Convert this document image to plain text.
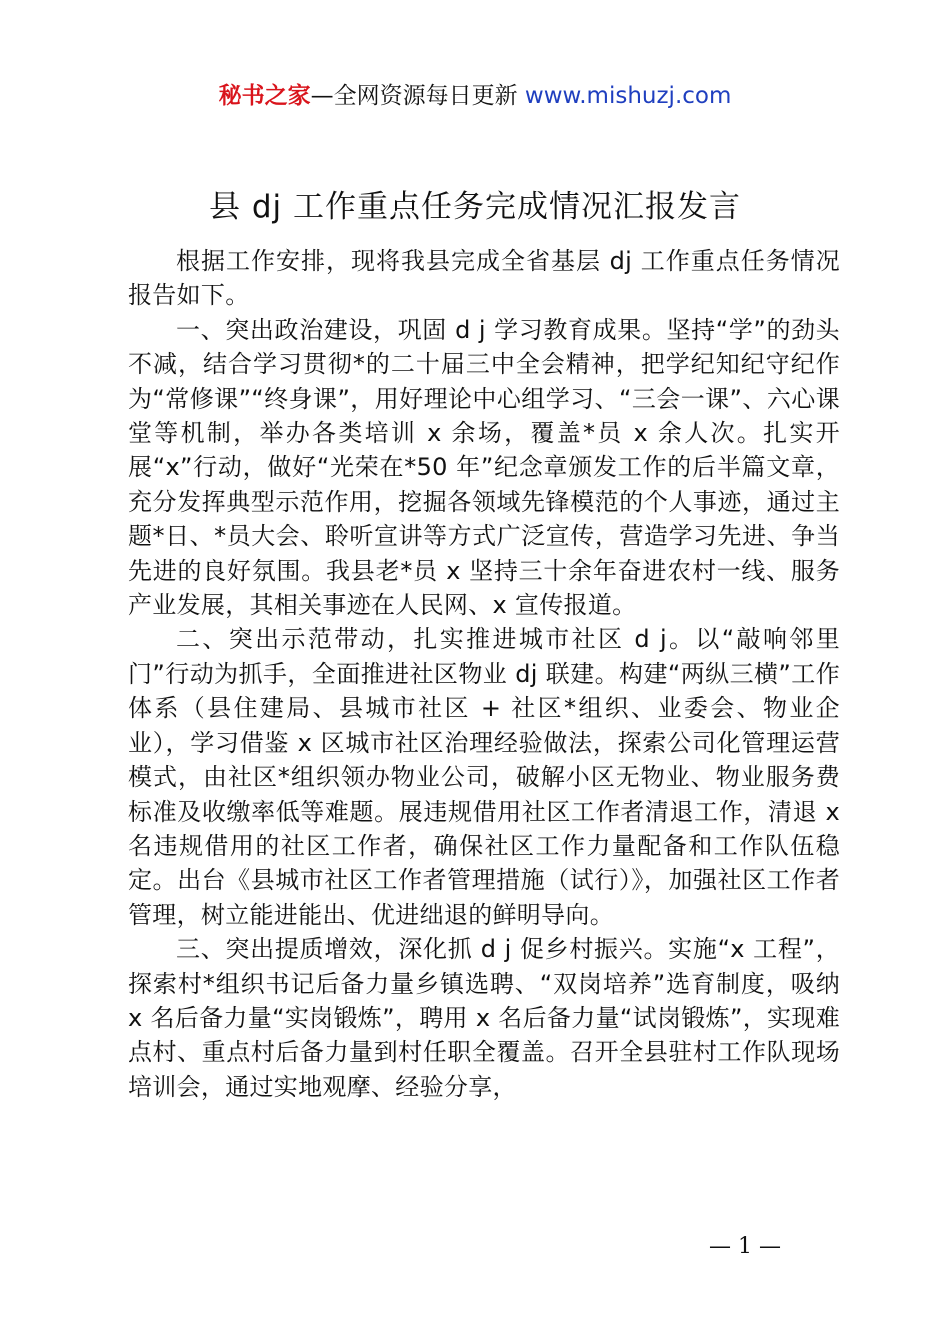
秘书之家—全网资源每日更新 www.mishuzj.com
县 dj 工作重点任务完成情况汇报发言

根据工作安排，现将我县完成全省基层 dj 工作重点任务情况报告如下。

一、突出政治建设，巩固 d j 学习教育成果。坚持“学”的劲头不减，结合学习贯彻*的二十届三中全会精神，把学纪知纪守纪作为“常修课”“终身课”，用好理论中心组学习、“三会一课”、六心课堂等机制，举办各类培训 x 余场，覆盖*员 x 余人次。扎实开展“x”行动，做好“光荣在*50 年”纪念章颁发工作的后半篇文章，充分发挥典型示范作用，挖掘各领域先锋模范的个人事迹，通过主题*日、*员大会、聆听宣讲等方式广泛宣传，营造学习先进、争当先进的良好氛围。我县老*员 x 坚持三十余年奋进农村一线、服务产业发展，其相关事迹在人民网、x 宣传报道。

二、突出示范带动，扎实推进城市社区 d j。以“敲响邻里门”行动为抓手，全面推进社区物业 dj 联建。构建“两纵三横”工作体系（县住建局、县城市社区 + 社区*组织、业委会、物业企业），学习借鉴 x 区城市社区治理经验做法，探索公司化管理运营模式，由社区*组织领办物业公司，破解小区无物业、物业服务费标准及收缴率低等难题。展违规借用社区工作者清退工作，清退 x 名违规借用的社区工作者，确保社区工作力量配备和工作队伍稳定。出台《县城市社区工作者管理措施（试行）》，加强社区工作者管理，树立能进能出、优进绌退的鲜明导向。

三、突出提质增效，深化抓 d j 促乡村振兴。实施“x 工程”，探索村*组织书记后备力量乡镇选聘、“双岗培养”选育制度，吸纳 x 名后备力量“实岗锻炼”，聘用 x 名后备力量“试岗锻炼”，实现难点村、重点村后备力量到村任职全覆盖。召开全县驻村工作队现场培训会，通过实地观摩、经验分享，

— 1 —
